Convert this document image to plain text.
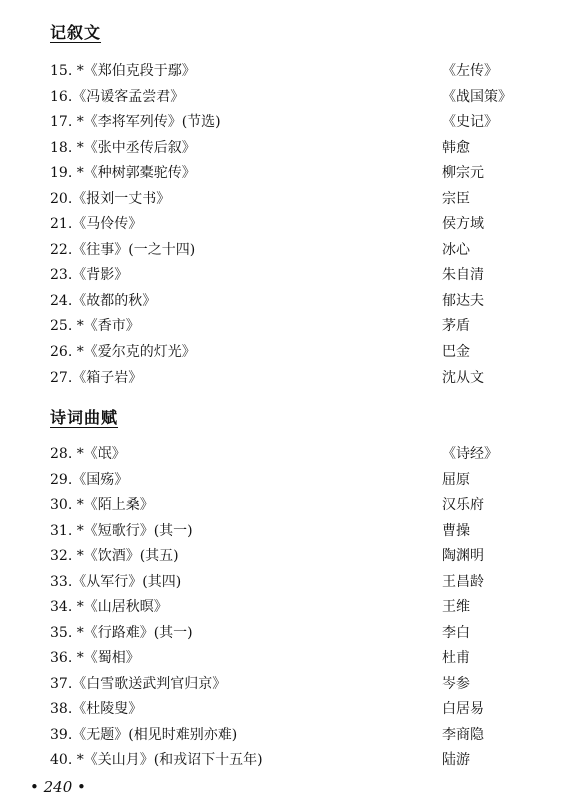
记叙文
15. *《郑伯克段于鄢》	《左传》
16.《冯谖客孟尝君》	《战国策》
17. *《李将军列传》(节选)	《史记》
18. *《张中丞传后叙》	韩愈
19. *《种树郭橐驼传》	柳宗元
20.《报刘一丈书》	宗臣
21.《马伶传》	侯方域
22.《往事》(一之十四)	冰心
23.《背影》	朱自清
24.《故都的秋》	郁达夫
25. *《香市》	茅盾
26. *《爱尔克的灯光》	巴金
27.《箱子岩》	沈从文
诗词曲赋
28. *《氓》	《诗经》
29.《国殇》	屈原
30. *《陌上桑》	汉乐府
31. *《短歌行》(其一)	曹操
32. *《饮酒》(其五)	陶渊明
33.《从军行》(其四)	王昌龄
34. *《山居秋暝》	王维
35. *《行路难》(其一)	李白
36. *《蜀相》	杜甫
37.《白雪歌送武判官归京》	岑参
38.《杜陵叟》	白居易
39.《无题》(相见时难别亦难)	李商隐
40. *《关山月》(和戎诏下十五年)	陆游
• 240 •
